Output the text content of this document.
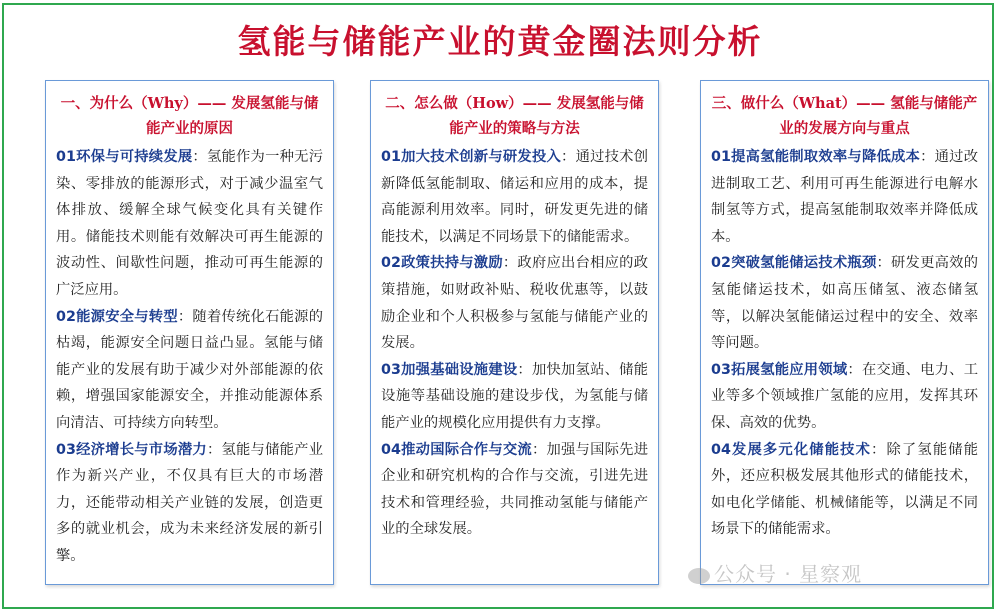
氢能与储能产业的黄金圈法则分析

一、为什么（Why）—— 发展氢能与储能产业的原因

01环保与可持续发展：氢能作为一种无污染、零排放的能源形式，对于减少温室气体排放、缓解全球气候变化具有关键作用。储能技术则能有效解决可再生能源的波动性、间歇性问题，推动可再生能源的广泛应用。

02能源安全与转型：随着传统化石能源的枯竭，能源安全问题日益凸显。氢能与储能产业的发展有助于减少对外部能源的依赖，增强国家能源安全，并推动能源体系向清洁、可持续方向转型。

03经济增长与市场潜力：氢能与储能产业作为新兴产业，不仅具有巨大的市场潜力，还能带动相关产业链的发展，创造更多的就业机会，成为未来经济发展的新引擎。

二、怎么做（How）—— 发展氢能与储能产业的策略与方法

01加大技术创新与研发投入：通过技术创新降低氢能制取、储运和应用的成本，提高能源利用效率。同时，研发更先进的储能技术，以满足不同场景下的储能需求。

02政策扶持与激励：政府应出台相应的政策措施，如财政补贴、税收优惠等，以鼓励企业和个人积极参与氢能与储能产业的发展。

03加强基础设施建设：加快加氢站、储能设施等基础设施的建设步伐，为氢能与储能产业的规模化应用提供有力支撑。

04推动国际合作与交流：加强与国际先进企业和研究机构的合作与交流，引进先进技术和管理经验，共同推动氢能与储能产业的全球发展。

三、做什么（What）—— 氢能与储能产业的发展方向与重点

01提高氢能制取效率与降低成本：通过改进制取工艺、利用可再生能源进行电解水制氢等方式，提高氢能制取效率并降低成本。

02突破氢能储运技术瓶颈：研发更高效的氢能储运技术，如高压储氢、液态储氢等，以解决氢能储运过程中的安全、效率等问题。

03拓展氢能应用领域：在交通、电力、工业等多个领域推广氢能的应用，发挥其环保、高效的优势。

04发展多元化储能技术：除了氢能储能外，还应积极发展其他形式的储能技术，如电化学储能、机械储能等，以满足不同场景下的储能需求。

公众号 · 星察观
